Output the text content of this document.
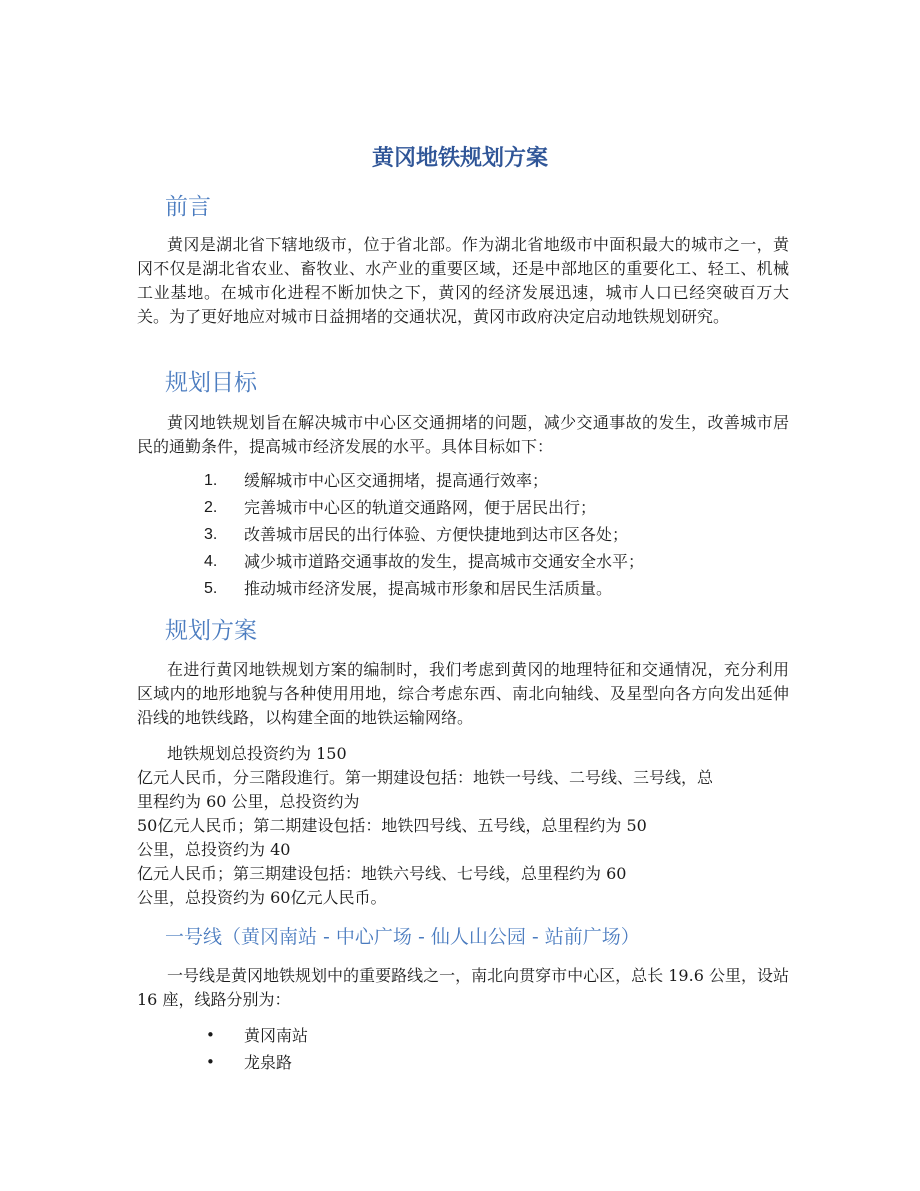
黄冈地铁规划方案
前言

黄冈是湖北省下辖地级市，位于省北部。作为湖北省地级市中面积最大的城市之一，黄冈不仅是湖北省农业、畜牧业、水产业的重要区域，还是中部地区的重要化工、轻工、机械工业基地。在城市化进程不断加快之下，黄冈的经济发展迅速，城市人口已经突破百万大关。为了更好地应对城市日益拥堵的交通状况，黄冈市政府决定启动地铁规划研究。

规划目标

黄冈地铁规划旨在解决城市中心区交通拥堵的问题，减少交通事故的发生，改善城市居民的通勤条件，提高城市经济发展的水平。具体目标如下：

1. 缓解城市中心区交通拥堵，提高通行效率；
2. 完善城市中心区的轨道交通路网，便于居民出行；
3. 改善城市居民的出行体验、方便快捷地到达市区各处；
4. 减少城市道路交通事故的发生，提高城市交通安全水平；
5. 推动城市经济发展，提高城市形象和居民生活质量。
规划方案

在进行黄冈地铁规划方案的编制时，我们考虑到黄冈的地理特征和交通情况，充分利用区域内的地形地貌与各种使用用地，综合考虑东西、南北向轴线、及星型向各方向发出延伸沿线的地铁线路，以构建全面的地铁运输网络。

地铁规划总投资约为 150
亿元人民币，分三階段進行。第一期建设包括：地铁一号线、二号线、三号线，总
里程约为 60 公里，总投资约为
50亿元人民币；第二期建设包括：地铁四号线、五号线，总里程约为 50
公里，总投资约为 40
亿元人民币；第三期建设包括：地铁六号线、七号线，总里程约为 60
公里，总投资约为 60亿元人民币。
一号线（黄冈南站 - 中心广场 - 仙人山公园 - 站前广场）

一号线是黄冈地铁规划中的重要路线之一，南北向贯穿市中心区，总长 19.6 公里，设站 16 座，线路分别为：

• 黄冈南站
• 龙泉路
